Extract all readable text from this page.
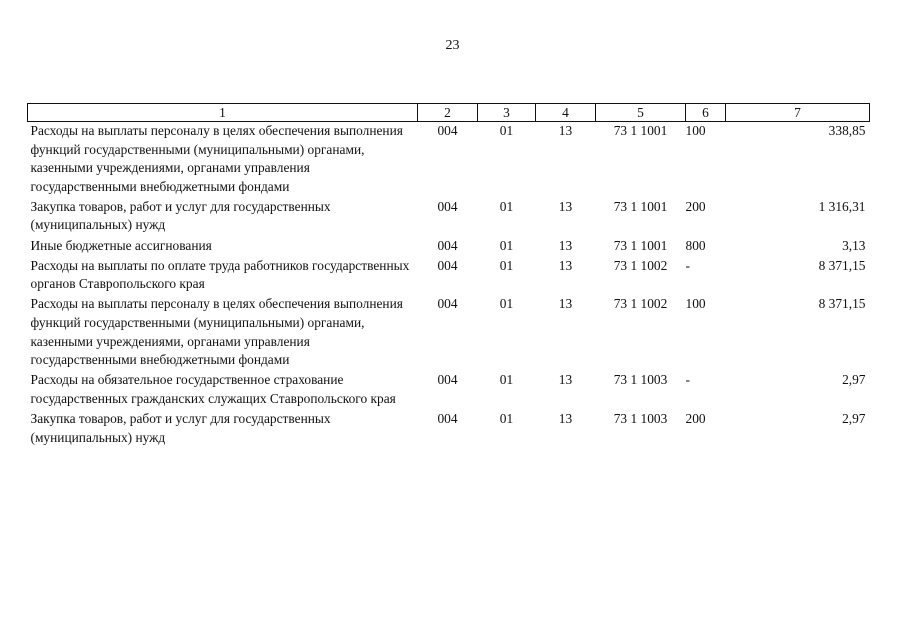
23
1	2	3	4	5	6	7
Расходы на выплаты персоналу в целях обеспечения выполнения функций государственными (муниципальными) органами, казенными учреждениями, органами управления государственными внебюджетными фондами	004	01	13	73 1 1001	100	338,85
Закупка товаров, работ и услуг для государственных (муниципальных) нужд	004	01	13	73 1 1001	200	1 316,31
Иные бюджетные ассигнования	004	01	13	73 1 1001	800	3,13
Расходы на выплаты по оплате труда работников государственных органов Ставропольского края	004	01	13	73 1 1002	-	8 371,15
Расходы на выплаты персоналу в целях обеспечения выполнения функций государственными (муниципальными) органами, казенными учреждениями, органами управления государственными внебюджетными фондами	004	01	13	73 1 1002	100	8 371,15
Расходы на обязательное государственное страхование государственных гражданских служащих Ставропольского края	004	01	13	73 1 1003	-	2,97
Закупка товаров, работ и услуг для государственных (муниципальных) нужд	004	01	13	73 1 1003	200	2,97
